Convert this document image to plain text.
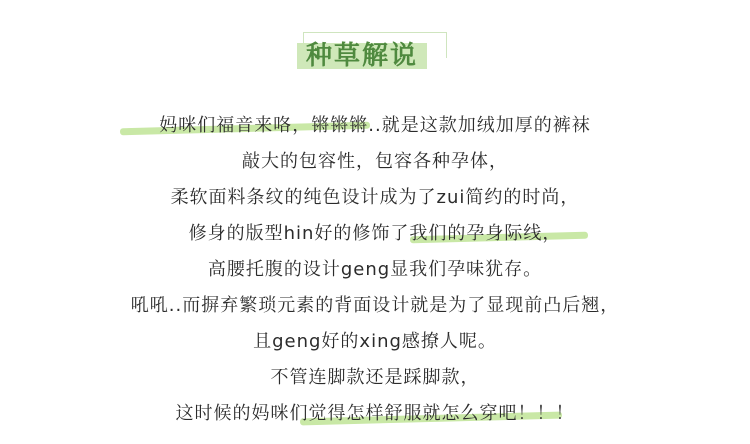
种草解说
妈咪们福音来咯，锵锵锵..就是这款加绒加厚的裤袜
敲大的包容性，包容各种孕体，
柔软面料条纹的纯色设计成为了zui简约的时尚，
修身的版型hin好的修饰了我们的孕身际线，
高腰托腹的设计geng显我们孕味犹存。
吼吼..而摒弃繁琐元素的背面设计就是为了显现前凸后翘，
且geng好的xing感撩人呢。
不管连脚款还是踩脚款，
这时候的妈咪们觉得怎样舒服就怎么穿吧！！！
